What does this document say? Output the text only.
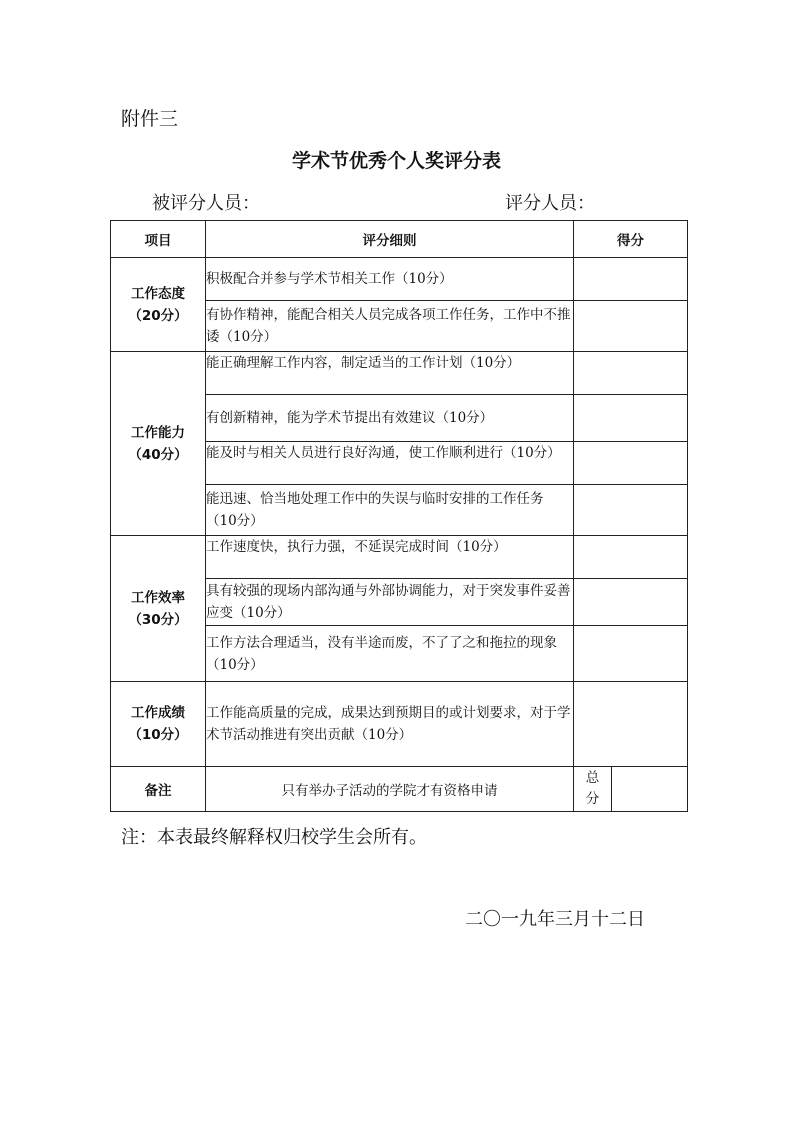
附件三
学术节优秀个人奖评分表
被评分人员：	评分人员：
项目	评分细则	得分	

工作态度
（20分）	积极配合并参与学术节相关工作（10分）		
	有协作精神，能配合相关人员完成各项工作任务，工作中不推诿（10分）		

工作能力
（40分）	能正确理解工作内容，制定适当的工作计划（10分）		
	有创新精神，能为学术节提出有效建议（10分）		
	能及时与相关人员进行良好沟通，使工作顺利进行（10分）		
	能迅速、恰当地处理工作中的失误与临时安排的工作任务（10分）		

工作效率
（30分）	工作速度快，执行力强，不延误完成时间（10分）		
	具有较强的现场内部沟通与外部协调能力，对于突发事件妥善应变（10分）		
	工作方法合理适当，没有半途而废，不了了之和拖拉的现象（10分）		

工作成绩
（10分）	工作能高质量的完成，成果达到预期目的或计划要求，对于学术节活动推进有突出贡献（10分）		
备注	只有举办子活动的学院才有资格申请	总
分	

注：本表最终解释权归校学生会所有。
二〇一九年三月十二日
